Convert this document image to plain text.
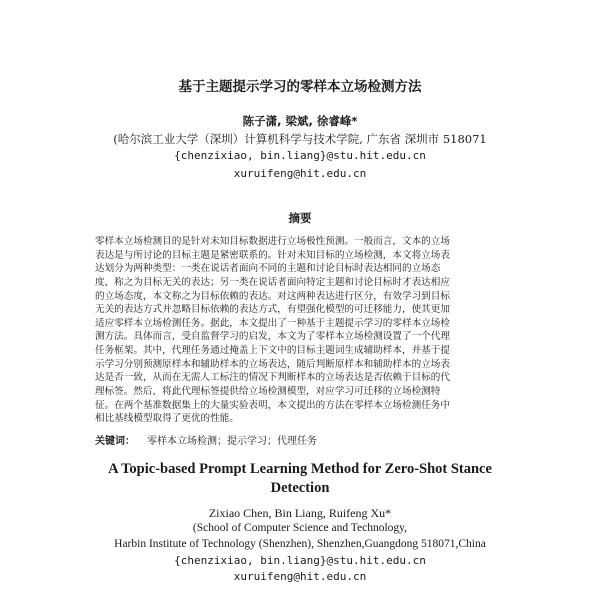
基于主题提示学习的零样本立场检测方法
陈子潇, 梁斌, 徐睿峰*
(哈尔滨工业大学（深圳）计算机科学与技术学院, 广东省 深圳市 518071
{chenzixiao, bin.liang}@stu.hit.edu.cn
xuruifeng@hit.edu.cn
摘要
零样本立场检测目的是针对未知目标数据进行立场极性预测。一般而言，文本的立场
表达是与所讨论的目标主题是紧密联系的。针对未知目标的立场检测，本文将立场表
达划分为两种类型：一类在说话者面向不同的主题和讨论目标时表达相同的立场态
度，称之为目标无关的表达；另一类在说话者面向特定主题和讨论目标时才表达相应
的立场态度，本文称之为目标依赖的表达。对这两种表达进行区分，有效学习到目标
无关的表达方式并忽略目标依赖的表达方式，有望强化模型的可迁移能力，使其更加
适应零样本立场检测任务。据此，本文提出了一种基于主题提示学习的零样本立场检
测方法。具体而言，受自监督学习的启发，本文为了零样本立场检测设置了一个代理
任务框架。其中，代理任务通过掩盖上下文中的目标主题词生成辅助样本，并基于提
示学习分别预测原样本和辅助样本的立场表达，随后判断原样本和辅助样本的立场表
达是否一致，从而在无需人工标注的情况下判断样本的立场表达是否依赖于目标的代
理标签。然后，将此代理标签提供给立场检测模型，对应学习可迁移的立场检测特
征。在两个基准数据集上的大量实验表明，本文提出的方法在零样本立场检测任务中
相比基线模型取得了更优的性能。
关键词： 零样本立场检测；提示学习；代理任务
A Topic-based Prompt Learning Method for Zero-Shot Stance
Detection
Zixiao Chen, Bin Liang, Ruifeng Xu*
(School of Computer Science and Technology,
Harbin Institute of Technology (Shenzhen), Shenzhen,Guangdong 518071,China
{chenzixiao, bin.liang}@stu.hit.edu.cn
xuruifeng@hit.edu.cn
